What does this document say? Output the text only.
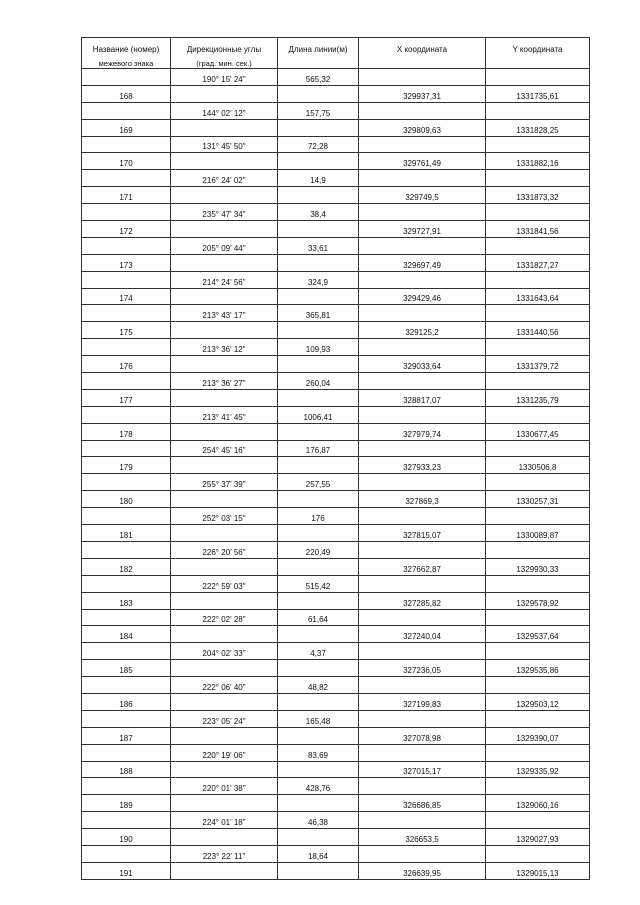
Название (номер)	Дирекционные углы	Длина линии(м)	X координата	Y координата
межевого знака	(град. мин. сек.)			
	190° 15' 24"	565,32		
168			329937,31	1331735,61
	144° 02' 12"	157,75		
169			329809,63	1331828,25
	131° 45' 50"	72,28		
170			329761,49	1331882,16
	216° 24' 02"	14,9		
171			329749,5	1331873,32
	235° 47' 34"	38,4		
172			329727,91	1331841,56
	205° 09' 44"	33,61		
173			329697,49	1331827,27
	214° 24' 56"	324,9		
174			329429,46	1331643,64
	213° 43' 17"	365,81		
175			329125,2	1331440,56
	213° 36' 12"	109,93		
176			329033,64	1331379,72
	213° 36' 27"	260,04		
177			328817,07	1331235,79
	213° 41' 45"	1006,41		
178			327979,74	1330677,45
	254° 45' 16"	176,87		
179			327933,23	1330506,8
	255° 37' 39"	257,55		
180			327869,3	1330257,31
	252° 03' 15"	176		
181			327815,07	1330089,87
	226° 20' 56"	220,49		
182			327662,87	1329930,33
	222° 59' 03"	515,42		
183			327285,82	1329578,92
	222° 02' 28"	61,64		
184			327240,04	1329537,64
	204° 02' 33"	4,37		
185			327236,05	1329535,86
	222° 06' 40"	48,82		
186			327199,83	1329503,12
	223° 05' 24"	165,48		
187			327078,98	1329390,07
	220° 19' 06"	83,69		
188			327015,17	1329335,92
	220° 01' 38"	428,76		
189			326686,85	1329060,16
	224° 01' 18"	46,38		
190			326653,5	1329027,93
	223° 22' 11"	18,64		
191			326639,95	1329015,13
